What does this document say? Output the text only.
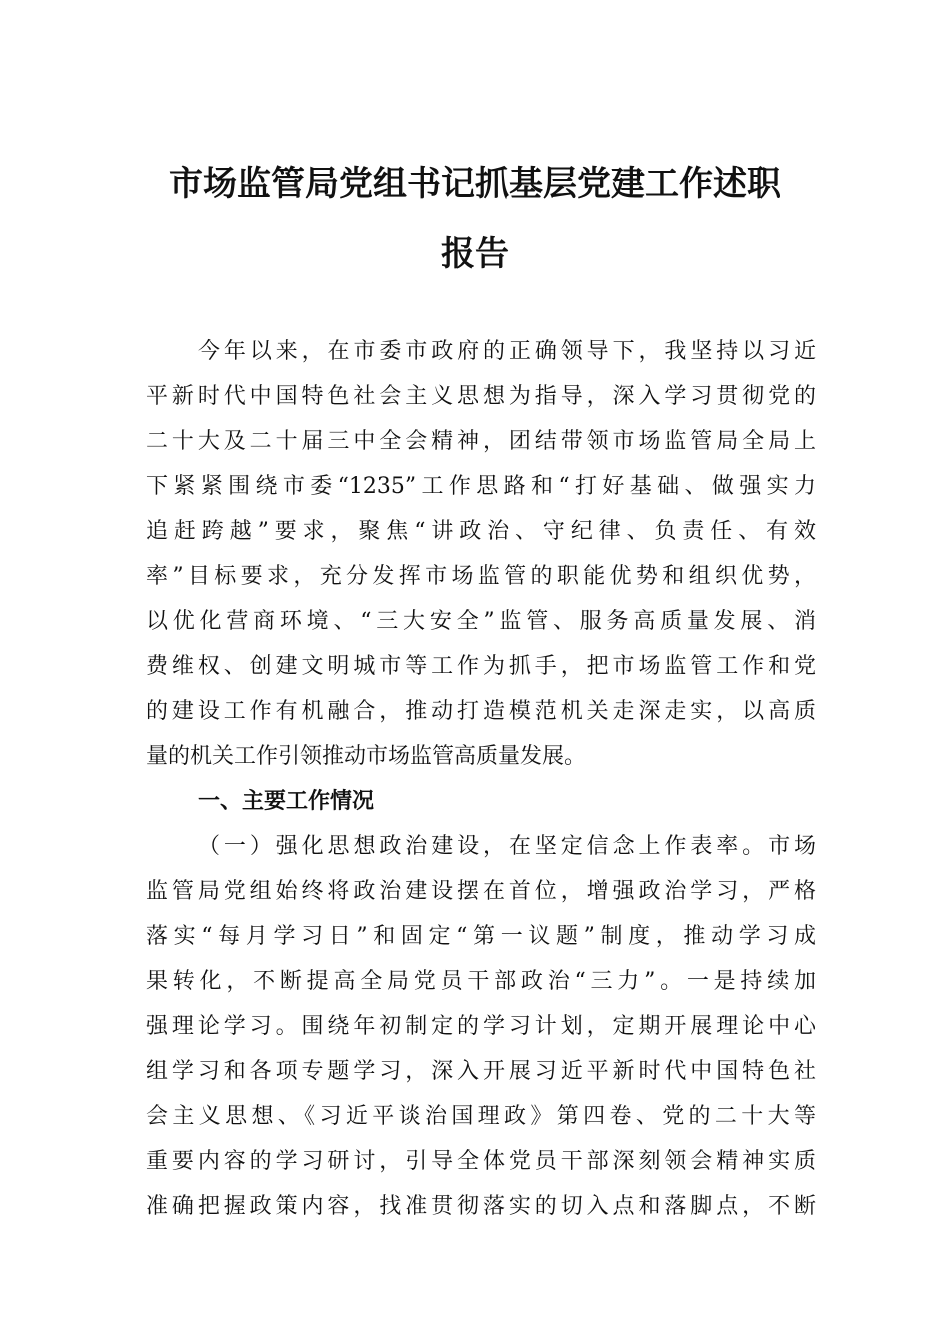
市场监管局党组书记抓基层党建工作述职
报告

今年以来，在市委市政府的正确领导下，我坚持以习近

平新时代中国特色社会主义思想为指导，深入学习贯彻党的

二十大及二十届三中全会精神，团结带领市场监管局全局上

下紧紧围绕市委“1235”工作思路和“打好基础、做强实力

追赶跨越”要求，聚焦“讲政治、守纪律、负责任、有效

率”目标要求，充分发挥市场监管的职能优势和组织优势，

以优化营商环境、“三大安全”监管、服务高质量发展、消

费维权、创建文明城市等工作为抓手，把市场监管工作和党

的建设工作有机融合，推动打造模范机关走深走实，以高质

量的机关工作引领推动市场监管高质量发展。

一、主要工作情况

（一）强化思想政治建设，在坚定信念上作表率。市场

监管局党组始终将政治建设摆在首位，增强政治学习，严格

落实“每月学习日”和固定“第一议题”制度，推动学习成

果转化，不断提高全局党员干部政治“三力”。一是持续加

强理论学习。围绕年初制定的学习计划，定期开展理论中心

组学习和各项专题学习，深入开展习近平新时代中国特色社

会主义思想、《习近平谈治国理政》第四卷、党的二十大等

重要内容的学习研讨，引导全体党员干部深刻领会精神实质

准确把握政策内容，找准贯彻落实的切入点和落脚点，不断
